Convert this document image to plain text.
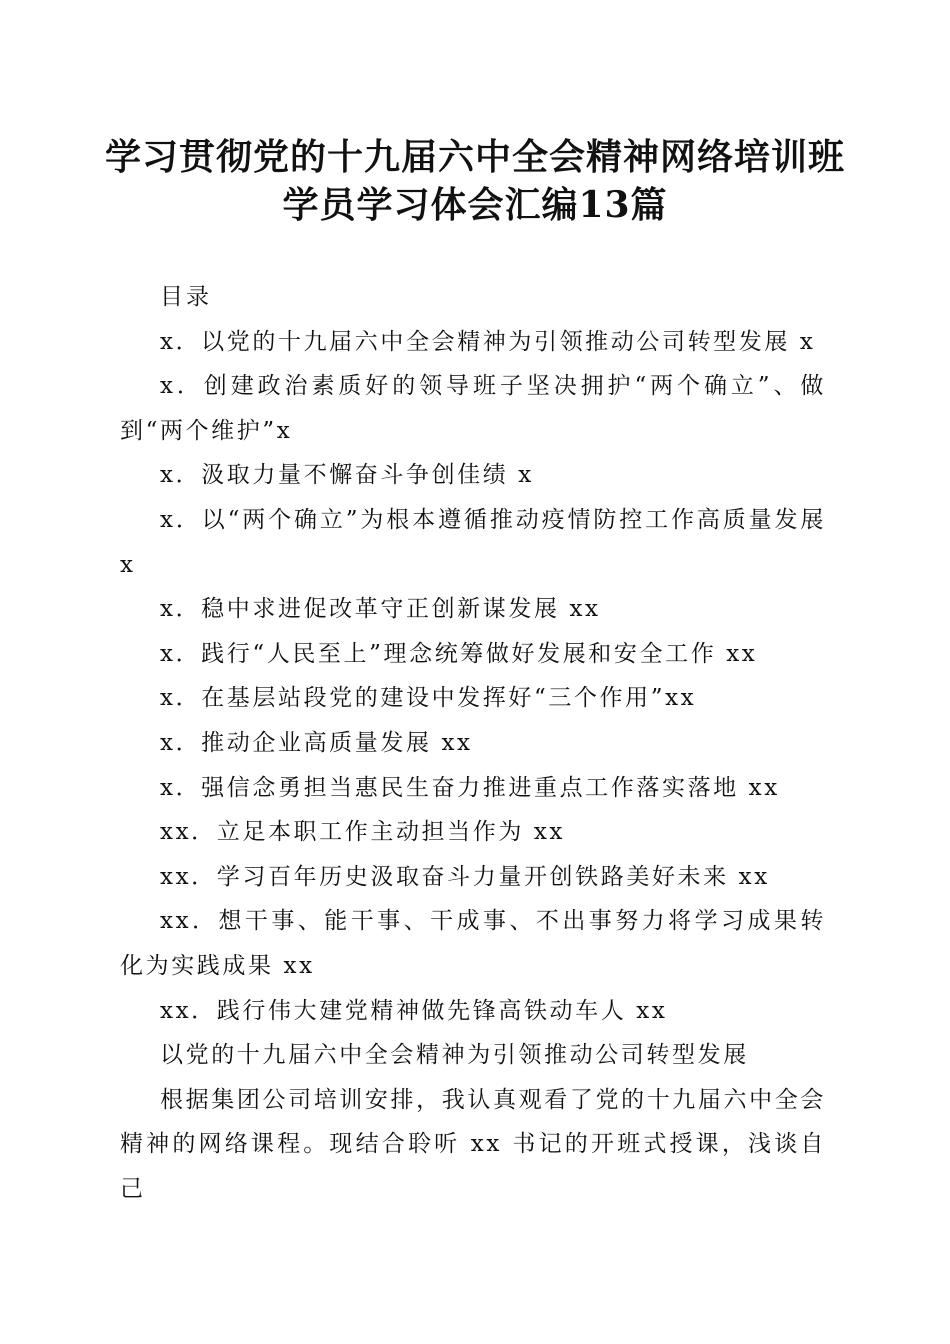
学习贯彻党的十九届六中全会精神网络培训班
学员学习体会汇编13篇

目录

x．以党的十九届六中全会精神为引领推动公司转型发展 x

x．创建政治素质好的领导班子坚决拥护“两个确立”、做到“两个维护”x

x．汲取力量不懈奋斗争创佳绩 x

x．以“两个确立”为根本遵循推动疫情防控工作高质量发展 x

x．稳中求进促改革守正创新谋发展 xx

x．践行“人民至上”理念统筹做好发展和安全工作 xx

x．在基层站段党的建设中发挥好“三个作用”xx

x．推动企业高质量发展 xx

x．强信念勇担当惠民生奋力推进重点工作落实落地 xx

xx．立足本职工作主动担当作为 xx

xx．学习百年历史汲取奋斗力量开创铁路美好未来 xx

xx．想干事、能干事、干成事、不出事努力将学习成果转化为实践成果 xx

xx．践行伟大建党精神做先锋高铁动车人 xx

以党的十九届六中全会精神为引领推动公司转型发展

根据集团公司培训安排，我认真观看了党的十九届六中全会精神的网络课程。现结合聆听 xx 书记的开班式授课，浅谈自己
